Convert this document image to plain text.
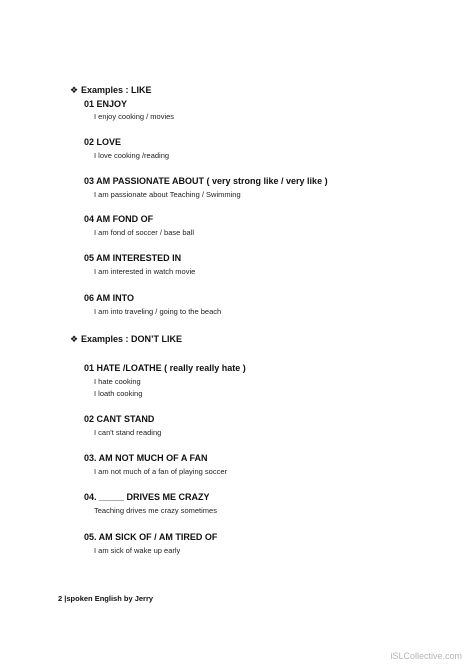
❖ Examples : LIKE
01 ENJOY
I enjoy cooking / movies
02 LOVE
I love cooking /reading
03 AM PASSIONATE ABOUT ( very strong like / very like )
I am passionate about Teaching / Swimming
04 AM FOND OF
I am fond of soccer / base ball
05 AM INTERESTED IN
I am interested in watch movie
06 AM INTO
I am into traveling / going to the beach
❖ Examples : DON’T LIKE
01 HATE /LOATHE ( really really hate )
I hate cooking
I loath cooking
02 CANT STAND
I can't stand reading
03. AM NOT MUCH OF A FAN
I am not much of a fan of playing soccer
04. _____ DRIVES ME CRAZY
Teaching drives me crazy sometimes
05. AM SICK OF / AM TIRED OF
I am sick of wake up early
2 |spoken English by Jerry
iSLCollective.com
